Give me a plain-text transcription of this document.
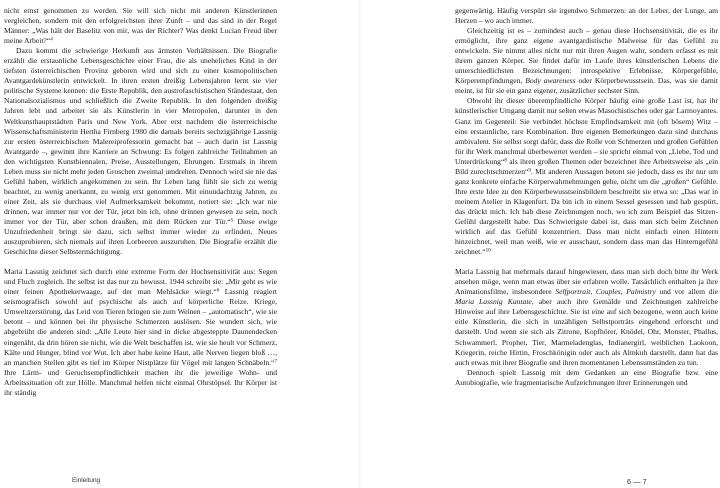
nicht ernst genommen zu werden. Sie will sich nicht mit anderen Künstlerinnen vergleichen, sondern mit den erfolgreichsten ihrer Zunft – und das sind in der Regel Männer: „Was hält der Baselitz von mir, was der Richter? Was denkt Lucian Freud über meine Arbeit?“$^4$

Dazu kommt die schwierige Herkunft aus ärmsten Verhältnissen. Die Biografie erzählt die erstaunliche Lebensgeschichte einer Frau, die als uneheliches Kind in der tiefsten österreichischen Provinz geboren wird und sich zu einer kosmopolitischen Avantgardekünstlerin entwickelt. In ihren ersten dreißig Lebensjahren lernt sie vier politische Systeme kennen: die Erste Republik, den austrofaschistischen Ständestaat, den Nationalsozialismus und schließlich die Zweite Republik. In den folgenden dreißig Jahren lebt und arbeitet sie als Künstlerin in vier Metropolen, darunter in den Weltkunsthauptstädten Paris und New York. Aber erst nachdem die österreichische Wissenschaftsministerin Hertha Firnberg 1980 die damals bereits sechzigjährige Lassnig zur ersten österreichischen Malereiprofessorin gemacht hat – auch darin ist Lassnig Avantgarde –, gewinnt ihre Karriere an Schwung: Es folgen zahlreiche Teilnahmen an den wichtigsten Kunstbiennalen, Preise, Ausstellungen, Ehrungen. Erstmals in ihrem Leben muss sie nicht mehr jeden Groschen zweimal umdrehen. Dennoch wird sie nie das Gefühl haben, wirklich angekommen zu sein. Ihr Leben lang fühlt sie sich zu wenig beachtet, zu wenig anerkannt, zu wenig erst genommen. Mit einundachtzig Jahren, zu einer Zeit, als sie durchaus viel Aufmerksamkeit bekommt, notiert sie: „Ich war nie drinnen, war immer nur vor der Tür, jetzt bin ich, ohne drinnen gewesen zu sein, noch immer vor der Tür, aber schon draußen, mit dem Rücken zur Tür.“$^5$ Diese ewige Unzufriedenheit bringt sie dazu, sich selbst immer wieder zu erfinden, Neues auszuprobieren, sich niemals auf ihren Lorbeeren auszuruhen. Die Biografie erzählt die Geschichte dieser Selbstermächtigung.

Maria Lassnig zeichnet sich durch eine extreme Form der Hochsensitivität aus: Segen und Fluch zugleich. Ihr selbst ist das nur zu bewusst. 1944 schreibt sie: „Mir geht es wie einer feinen Apothekerwaage, auf der man Mehlsäcke wiegt.“$^6$ Lassnig reagiert seismografisch sowohl auf psychische als auch auf körperliche Reize. Kriege, Umweltzerstörung, das Leid von Tieren bringen sie zum Weinen – „automatisch“, wie sie betont – und können bei ihr physische Schmerzen auslösen. Sie wundert sich, wie abgebrüht die anderen sind: „Alle Leute hier sind in dicke abgesteppte Daunendecken eingenäht, da drin hören sie nicht, wie die Welt beschaffen ist, wie sie heult vor Schmerz, Kälte und Hunger, blind vor Wut. Ich aber habe keine Haut, alle Nerven liegen bloß …, an manchen Stellen gibt es tief im Körper Nistplätze für Vögel mit langen Schnäbeln.“$^7$ Ihre Lärm- und Geruchsempfindlichkeit machen ihr die jeweilige Wohn- und Arbeitssituation oft zur Hölle. Manchmal helfen nicht einmal Ohrstöpsel. Ihr Körper ist ihr ständig

Einleitung

gegenwärtig. Häufig verspürt sie irgendwo Schmerzen: an der Leber, der Lunge, am Herzen – wo auch immer.

Gleichzeitig ist es – zumindest auch – genau diese Hochsensitivität, die es ihr ermöglicht, ihre ganz eigene avantgardistische Malweise für das Gefühl zu entwickeln. Sie nimmt alles nicht nur mit ihren Augen wahr, sondern erfasst es mit ihrem ganzen Körper. Sie findet dafür im Laufe ihres künstlerischen Lebens die unterschiedlichsten Bezeichnungen: introspektive Erlebnisse, Körpergefühle, Körperempfindungen, Body awareness oder Körperbewusstsein. Das, was sie damit meint, ist für sie ein ganz eigener, zusätzlicher sechster Sinn.

Obwohl ihr dieser überempfindliche Körper häufig eine große Last ist, hat ihr künstlerischer Umgang damit nur selten etwas Masochistisches oder gar Larmoyantes. Ganz im Gegenteil: Sie verbindet höchste Empfindsamkeit mit (oft bösem) Witz – eine erstaunliche, rare Kombination. Ihre eigenen Bemerkungen dazu sind durchaus ambivalent. Sie selbst sorgt dafür, dass die Rolle von Schmerzen und großen Gefühlen für ihr Werk manchmal überbewertet werden – sie spricht einmal von „Liebe, Tod und Unterdrückung“$^8$ als ihren großen Themen oder bezeichnet ihre Arbeitsweise als „ein Bild zurechtschmerzen“$^9$. Mit anderen Aussagen betont sie jedoch, dass es ihr nur um ganz konkrete einfache Körperwahrnehmungen gehe, nicht um die „großen“ Gefühle. Ihre erste Idee zu den Körperbewusstseinsbildern beschreibt sie etwa so: „Das war in meinem Atelier in Klagenfurt. Da bin ich in einem Sessel gesessen und hab gespürt, das drückt mich. Ich hab diese Zeichnungen noch, wo ich zum Beispiel das Sitzen-Gefühl dargestellt habe. Das Schwierigste dabei ist, dass man sich beim Zeichnen wirklich auf das Gefühl konzentriert. Dass man nicht einfach einen Hintern hinzeichnet, weil man weiß, wie er ausschaut, sondern dass man das Hinterngefühl zeichnet.“$^{10}$

Maria Lassnig hat mehrmals darauf hingewiesen, dass man sich doch bitte ihr Werk ansehen möge, wenn man etwas über sie erfahren wolle. Tatsächlich enthalten ja ihre Animationsfilme, insbesondere Selfportrait, Couples, Palmistry und vor allem die Maria Lassnig Kantate, aber auch ihre Gemälde und Zeichnungen zahlreiche Hinweise auf ihre Lebensgeschichte. Sie ist eine auf sich bezogene, wenn auch keine eitle Künstlerin, die sich in unzähligen Selbstporträts eingehend erforscht und darstellt. Und wenn sie sich als Zitrone, Kopfhörer, Knödel, Ohr, Monster, Phallus, Schwammerl, Prophet, Tier, Marmeladenglas, Indianergirl, weiblichen Laokoon, Kriegerin, reiche Hirtin, Froschkönigin oder auch als Almkuh darstellt, dann hat das auch etwas mit ihrer Biografie und ihren momentanen Lebensumständen zu tun.

Dennoch spielt Lassnig mit dem Gedanken an eine Biografie bzw. eine Autobiografie, wie fragmentarische Aufzeichnungen ihrer Erinnerungen und

6 — 7
